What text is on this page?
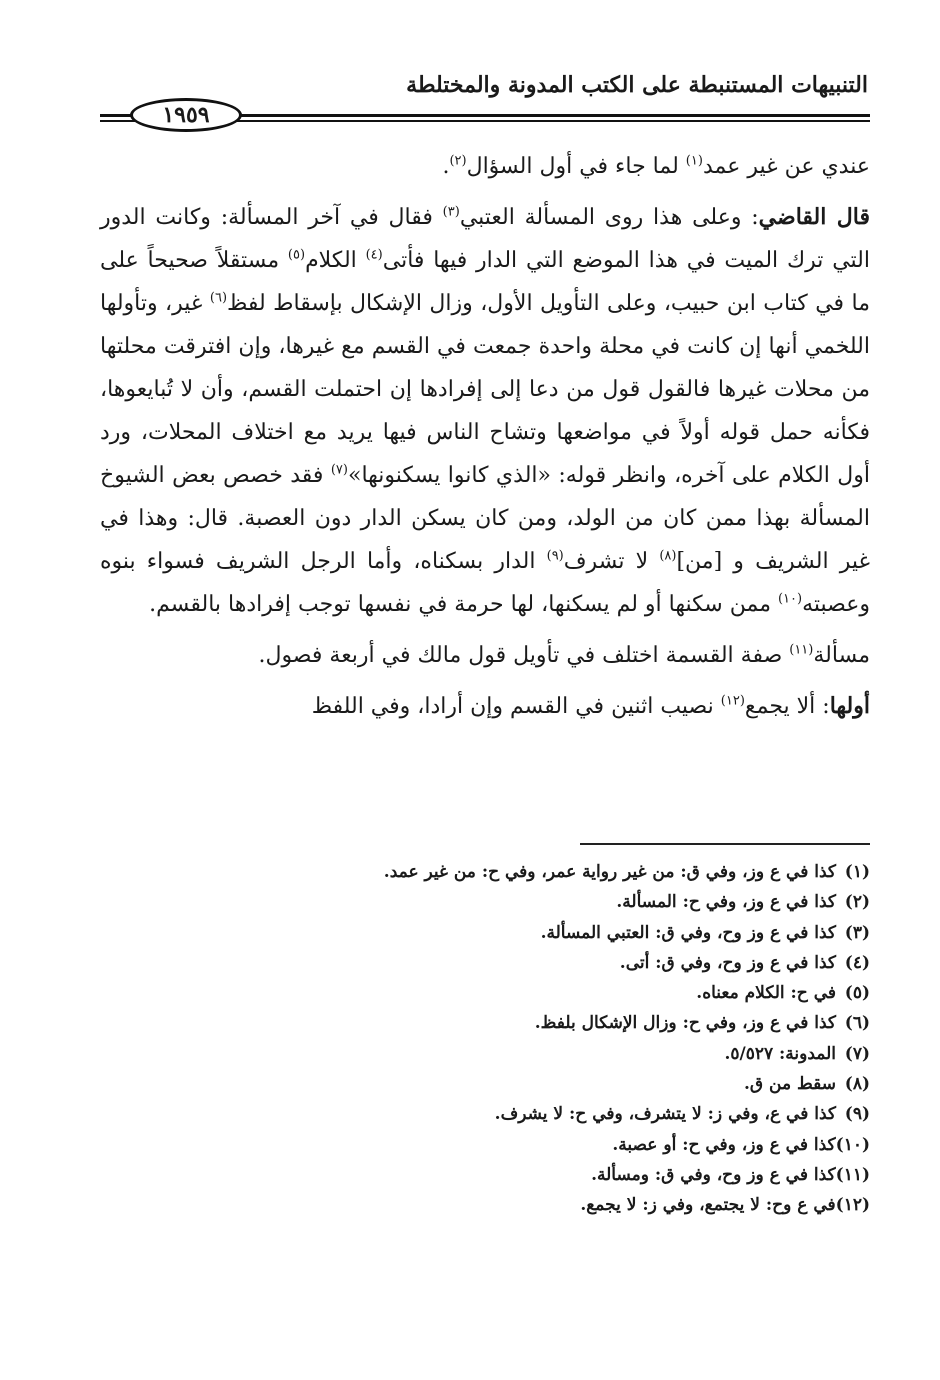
التنبيهات المستنبطة على الكتب المدونة والمختلطة
١٩٥٩

عندي عن غير عمد$^{(١)}$ لما جاء في أول السؤال$^{(٢)}$.

قال القاضي: وعلى هذا روى المسألة العتبي$^{(٣)}$ فقال في آخر المسألة: وكانت الدور التي ترك الميت في هذا الموضع التي الدار فيها فأتى$^{(٤)}$ الكلام$^{(٥)}$ مستقلاً صحيحاً على ما في كتاب ابن حبيب، وعلى التأويل الأول، وزال الإشكال بإسقاط لفظ$^{(٦)}$ غير، وتأولها اللخمي أنها إن كانت في محلة واحدة جمعت في القسم مع غيرها، وإن افترقت محلتها من محلات غيرها فالقول قول من دعا إلى إفرادها إن احتملت القسم، وأن لا تُبايعوها، فكأنه حمل قوله أولاً في مواضعها وتشاح الناس فيها يريد مع اختلاف المحلات، ورد أول الكلام على آخره، وانظر قوله: «الذي كانوا يسكنونها»$^{(٧)}$ فقد خصص بعض الشيوخ المسألة بهذا ممن كان من الولد، ومن كان يسكن الدار دون العصبة. قال: وهذا في غير الشريف و [من]$^{(٨)}$ لا تشرف$^{(٩)}$ الدار بسكناه، وأما الرجل الشريف فسواء بنوه وعصبته$^{(١٠)}$ ممن سكنها أو لم يسكنها، لها حرمة في نفسها توجب إفرادها بالقسم.

مسألة$^{(١١)}$ صفة القسمة اختلف في تأويل قول مالك في أربعة فصول.

أولها: ألا يجمع$^{(١٢)}$ نصيب اثنين في القسم وإن أرادا، وفي اللفظ

(١)كذا في ع وز، وفي ق: من غير رواية عمر، وفي ح: من غير عمد.
(٢)كذا في ع وز، وفي ح: المسألة.
(٣)كذا في ع وز وح، وفي ق: العتبي المسألة.
(٤)كذا في ع وز وح، وفي ق: أتى.
(٥)في ح: الكلام معناه.
(٦)كذا في ع وز، وفي ح: وزال الإشكال بلفظ.
(٧)المدونة: ٥/٥٢٧.
(٨)سقط من ق.
(٩)كذا في ع، وفي ز: لا يتشرف، وفي ح: لا يشرف.
(١٠)كذا في ع وز، وفي ح: أو عصبة.
(١١)كذا في ع وز وح، وفي ق: ومسألة.
(١٢)في ع وح: لا يجتمع، وفي ز: لا يجمع.
